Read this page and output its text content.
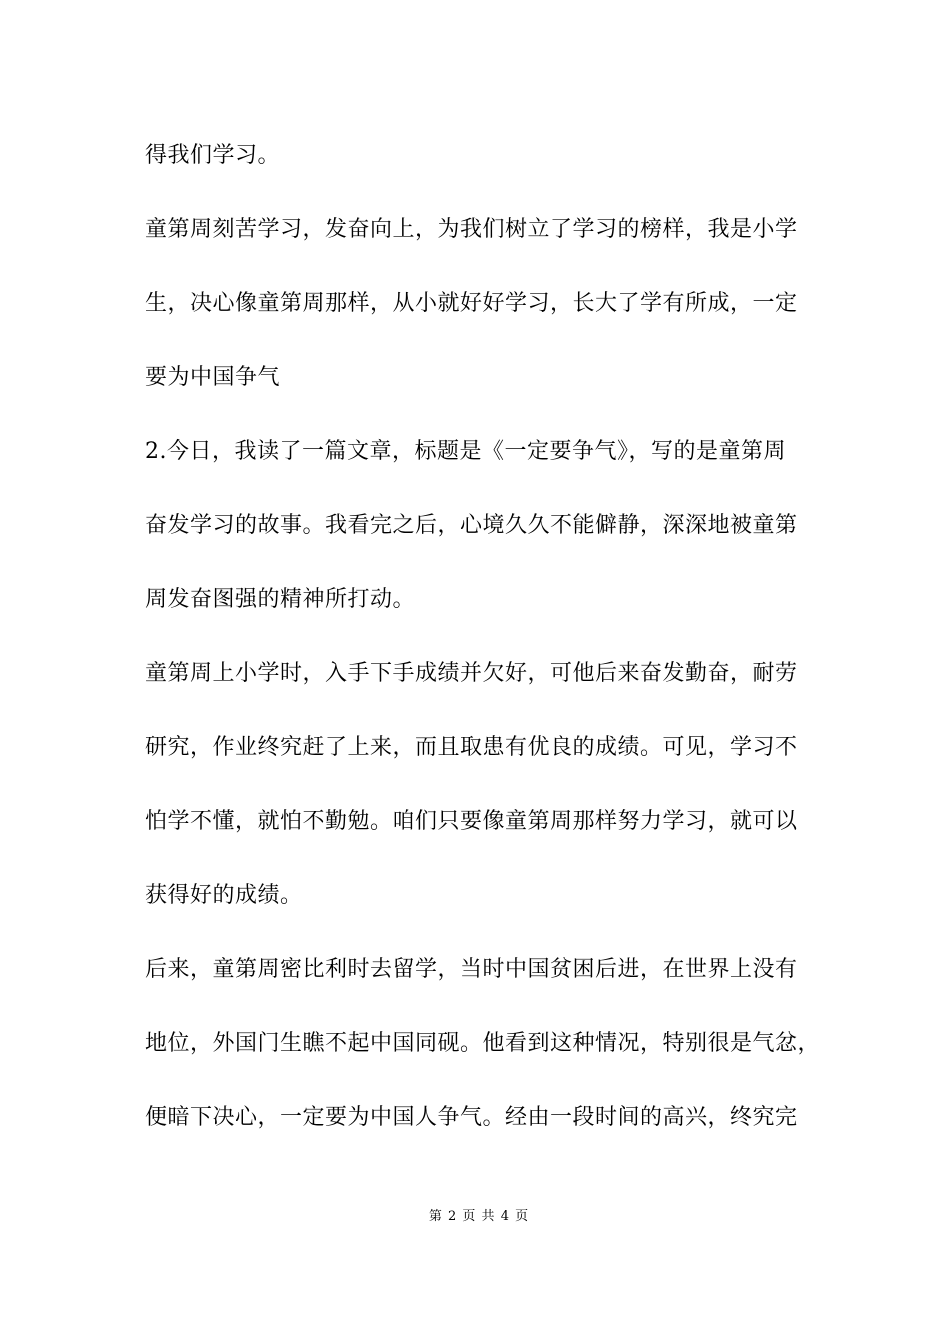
得我们学习。
童第周刻苦学习，发奋向上，为我们树立了学习的榜样，我是小学
生，决心像童第周那样，从小就好好学习，长大了学有所成，一定
要为中国争气
2.今日，我读了一篇文章，标题是《一定要争气》，写的是童第周
奋发学习的故事。我看完之后，心境久久不能僻静，深深地被童第
周发奋图强的精神所打动。
童第周上小学时，入手下手成绩并欠好，可他后来奋发勤奋，耐劳
研究，作业终究赶了上来，而且取患有优良的成绩。可见，学习不
怕学不懂，就怕不勤勉。咱们只要像童第周那样努力学习，就可以
获得好的成绩。
后来，童第周密比利时去留学，当时中国贫困后进，在世界上没有
地位，外国门生瞧不起中国同砚。他看到这种情况，特别很是气忿，
便暗下决心，一定要为中国人争气。经由一段时间的高兴，终究完
第 2 页 共 4 页
